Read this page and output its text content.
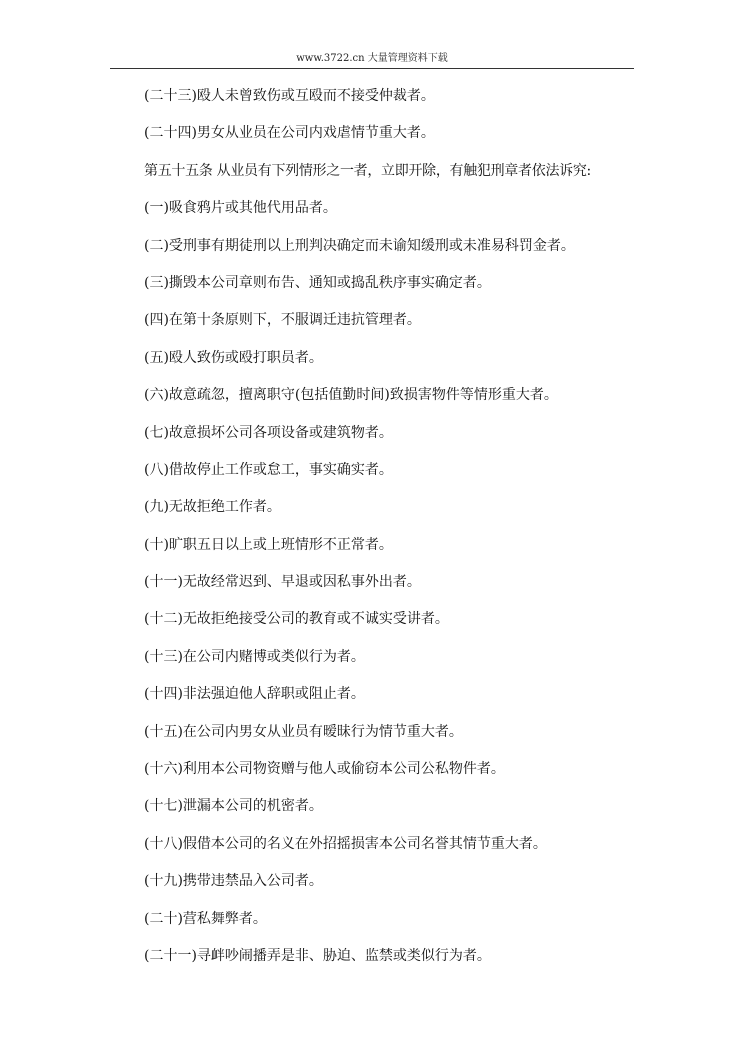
www.3722.cn 大量管理资料下载
(二十三)殴人未曾致伤或互殴而不接受仲裁者。
(二十四)男女从业员在公司内戏虐情节重大者。
第五十五条 从业员有下列情形之一者，立即开除，有触犯刑章者依法诉究:
(一)吸食鸦片或其他代用品者。
(二)受刑事有期徒刑以上刑判决确定而未谕知缓刑或未准易科罚金者。
(三)撕毁本公司章则布告、通知或捣乱秩序事实确定者。
(四)在第十条原则下，不服调迁违抗管理者。
(五)殴人致伤或殴打职员者。
(六)故意疏忽，擅离职守(包括值勤时间)致损害物件等情形重大者。
(七)故意损坏公司各项设备或建筑物者。
(八)借故停止工作或怠工，事实确实者。
(九)无故拒绝工作者。
(十)旷职五日以上或上班情形不正常者。
(十一)无故经常迟到、早退或因私事外出者。
(十二)无故拒绝接受公司的教育或不诚实受讲者。
(十三)在公司内赌博或类似行为者。
(十四)非法强迫他人辞职或阻止者。
(十五)在公司内男女从业员有暧昧行为情节重大者。
(十六)利用本公司物资赠与他人或偷窃本公司公私物件者。
(十七)泄漏本公司的机密者。
(十八)假借本公司的名义在外招摇损害本公司名誉其情节重大者。
(十九)携带违禁品入公司者。
(二十)营私舞弊者。
(二十一)寻衅吵闹播弄是非、胁迫、监禁或类似行为者。
